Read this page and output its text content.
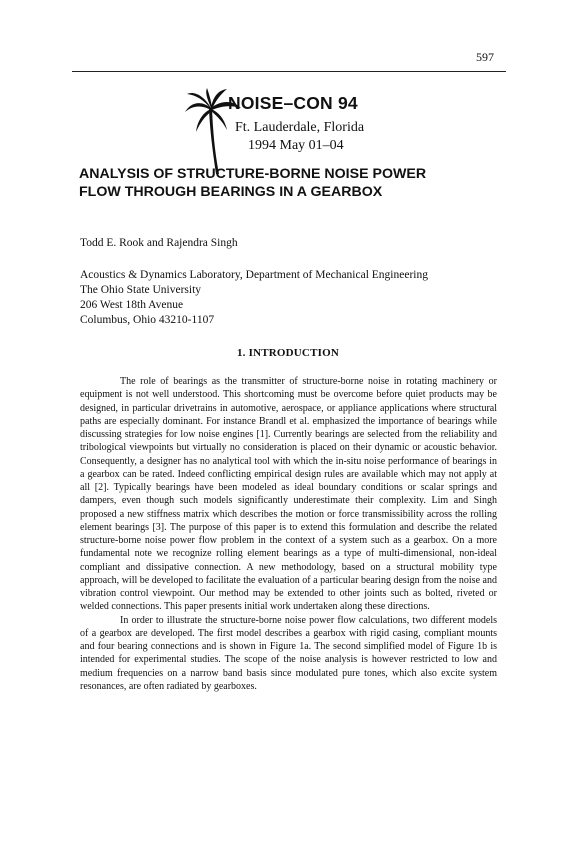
597
NOISE–CON 94
Ft. Lauderdale, Florida
1994 May 01–04
ANALYSIS OF STRUCTURE-BORNE NOISE POWER
FLOW THROUGH BEARINGS IN A GEARBOX
Todd E. Rook and Rajendra Singh
Acoustics & Dynamics Laboratory, Department of Mechanical Engineering
The Ohio State University
206 West 18th Avenue
Columbus, Ohio 43210-1107
1. INTRODUCTION

The role of bearings as the transmitter of structure-borne noise in rotating machinery or equipment is not well understood. This shortcoming must be overcome before quiet products may be designed, in particular drivetrains in automotive, aerospace, or appliance applications where structural paths are especially dominant. For instance Brandl et al. emphasized the importance of bearings while discussing strategies for low noise engines [1]. Currently bearings are selected from the reliability and tribological viewpoints but virtually no consideration is placed on their dynamic or acoustic behavior. Consequently, a designer has no analytical tool with which the in-situ noise performance of bearings in a gearbox can be rated. Indeed conflicting empirical design rules are available which may not apply at all [2]. Typically bearings have been modeled as ideal boundary conditions or scalar springs and dampers, even though such models significantly underestimate their complexity. Lim and Singh proposed a new stiffness matrix which describes the motion or force transmissibility across the rolling element bearings [3]. The purpose of this paper is to extend this formulation and describe the related structure-borne noise power flow problem in the context of a system such as a gearbox. On a more fundamental note we recognize rolling element bearings as a type of multi-dimensional, non-ideal compliant and dissipative connection. A new methodology, based on a structural mobility type approach, will be developed to facilitate the evaluation of a particular bearing design from the noise and vibration control viewpoint. Our method may be extended to other joints such as bolted, riveted or welded connections. This paper presents initial work undertaken along these directions.

In order to illustrate the structure-borne noise power flow calculations, two different models of a gearbox are developed. The first model describes a gearbox with rigid casing, compliant mounts and four bearing connections and is shown in Figure 1a. The second simplified model of Figure 1b is intended for experimental studies. The scope of the noise analysis is however restricted to low and medium frequencies on a narrow band basis since modulated pure tones, which also excite system resonances, are often radiated by gearboxes.
